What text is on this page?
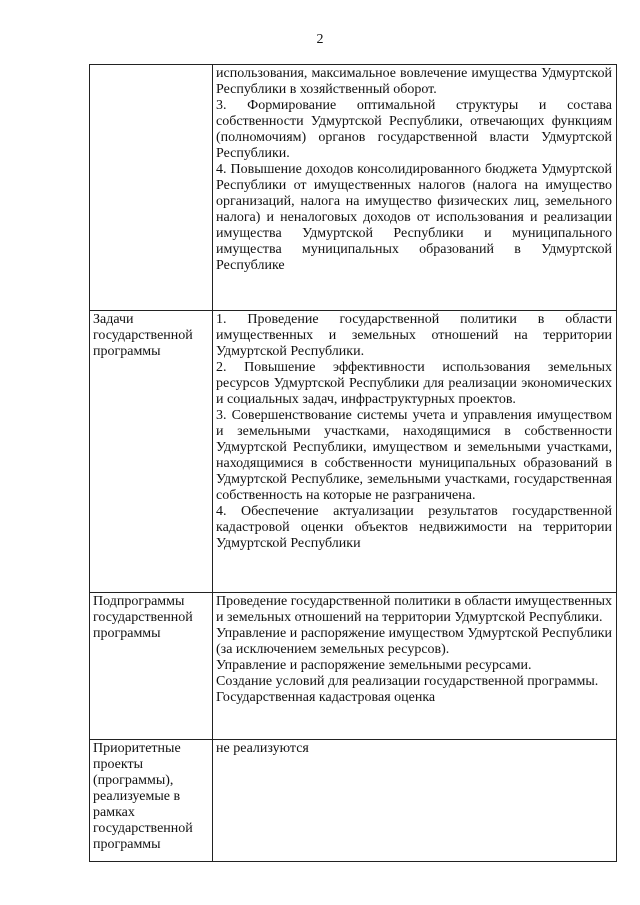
2

	использования, максимальное вовлечение имущества Удмуртской Республики в хозяйственный оборот.

3. Формирование оптимальной структуры и состава собственности Удмуртской Республики, отвечающих функциям (полномочиям) органов государственной власти Удмуртской Республики.

4. Повышение доходов консолидированного бюджета Удмуртской Республики от имущественных налогов (налога на имущество организаций, налога на имущество физических лиц, земельного налога) и неналоговых доходов от использования и реализации имущества Удмуртской Республики и муниципального имущества муниципальных образований в Удмуртской Республике

Задачи государственной программы	1. Проведение государственной политики в области имущественных и земельных отношений на территории Удмуртской Республики.

2. Повышение эффективности использования земельных ресурсов Удмуртской Республики для реализации экономических и социальных задач, инфраструктурных проектов.

3. Совершенствование системы учета и управления имуществом и земельными участками, находящимися в собственности Удмуртской Республики, имуществом и земельными участками, находящимися в собственности муниципальных образований в Удмуртской Республике, земельными участками, государственная собственность на которые не разграничена.

4. Обеспечение актуализации результатов государственной кадастровой оценки объектов недвижимости на территории Удмуртской Республики

Подпрограммы государственной программы	Проведение государственной политики в области имущественных и земельных отношений на территории Удмуртской Республики.

Управление и распоряжение имуществом Удмуртской Республики (за исключением земельных ресурсов).

Управление и распоряжение земельными ресурсами.

Создание условий для реализации государственной программы.

Государственная кадастровая оценка

Приоритетные проекты (программы), реализуемые в рамках государственной программы	не реализуются
